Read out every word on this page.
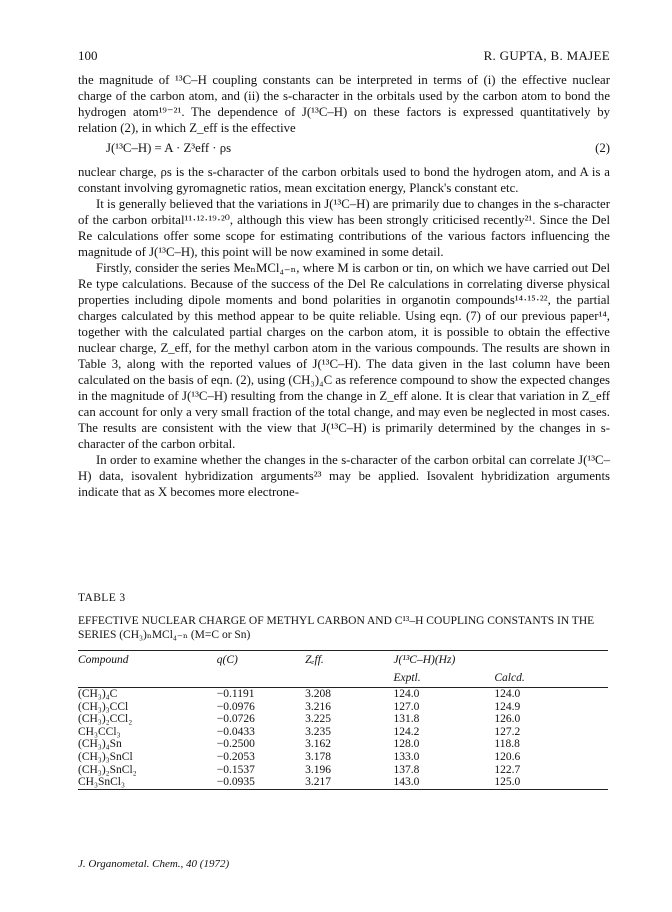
100	R. GUPTA, B. MAJEE

the magnitude of ¹³C–H coupling constants can be interpreted in terms of (i) the effective nuclear charge of the carbon atom, and (ii) the s-character in the orbitals used by the carbon atom to bond the hydrogen atom¹⁹⁻²¹. The dependence of J(¹³C–H) on these factors is expressed quantitatively by relation (2), in which Z_eff is the effective

J(¹³C–H) = A · Z³eff · ρs	(2)

nuclear charge, ρs is the s-character of the carbon orbitals used to bond the hydrogen atom, and A is a constant involving gyromagnetic ratios, mean excitation energy, Planck's constant etc.

It is generally believed that the variations in J(¹³C–H) are primarily due to changes in the s-character of the carbon orbital¹¹·¹²·¹⁹·²⁰, although this view has been strongly criticised recently²¹. Since the Del Re calculations offer some scope for estimating contributions of the various factors influencing the magnitude of J(¹³C–H), this point will be now examined in some detail.

Firstly, consider the series MeₙMCl₄₋ₙ, where M is carbon or tin, on which we have carried out Del Re type calculations. Because of the success of the Del Re calculations in correlating diverse physical properties including dipole moments and bond polarities in organotin compounds¹⁴·¹⁵·²², the partial charges calculated by this method appear to be quite reliable. Using eqn. (7) of our previous paper¹⁴, together with the calculated partial charges on the carbon atom, it is possible to obtain the effective nuclear charge, Z_eff, for the methyl carbon atom in the various compounds. The results are shown in Table 3, along with the reported values of J(¹³C–H). The data given in the last column have been calculated on the basis of eqn. (2), using (CH₃)₄C as reference compound to show the expected changes in the magnitude of J(¹³C–H) resulting from the change in Z_eff alone. It is clear that variation in Z_eff can account for only a very small fraction of the total change, and may even be neglected in most cases. The results are consistent with the view that J(¹³C–H) is primarily determined by the changes in s-character of the carbon orbital.

In order to examine whether the changes in the s-character of the carbon orbital can correlate J(¹³C–H) data, isovalent hybridization arguments²³ may be applied. Isovalent hybridization arguments indicate that as X becomes more electrone-

TABLE 3
EFFECTIVE NUCLEAR CHARGE OF METHYL CARBON AND C¹³–H COUPLING CONSTANTS IN THE SERIES (CH₃)ₙMCl₄₋ₙ (M=C or Sn)
Compound	q(C)	Zₑff.	J(¹³C–H)(Hz)	
			Exptl.	Calcd.
(CH₃)₄C	−0.1191	3.208	124.0	124.0
(CH₃)₃CCl	−0.0976	3.216	127.0	124.9
(CH₃)₂CCl₂	−0.0726	3.225	131.8	126.0
CH₃CCl₃	−0.0433	3.235	124.2	127.2
(CH₃)₄Sn	−0.2500	3.162	128.0	118.8
(CH₃)₃SnCl	−0.2053	3.178	133.0	120.6
(CH₃)₂SnCl₂	−0.1537	3.196	137.8	122.7
CH₃SnCl₃	−0.0935	3.217	143.0	125.0
J. Organometal. Chem., 40 (1972)
